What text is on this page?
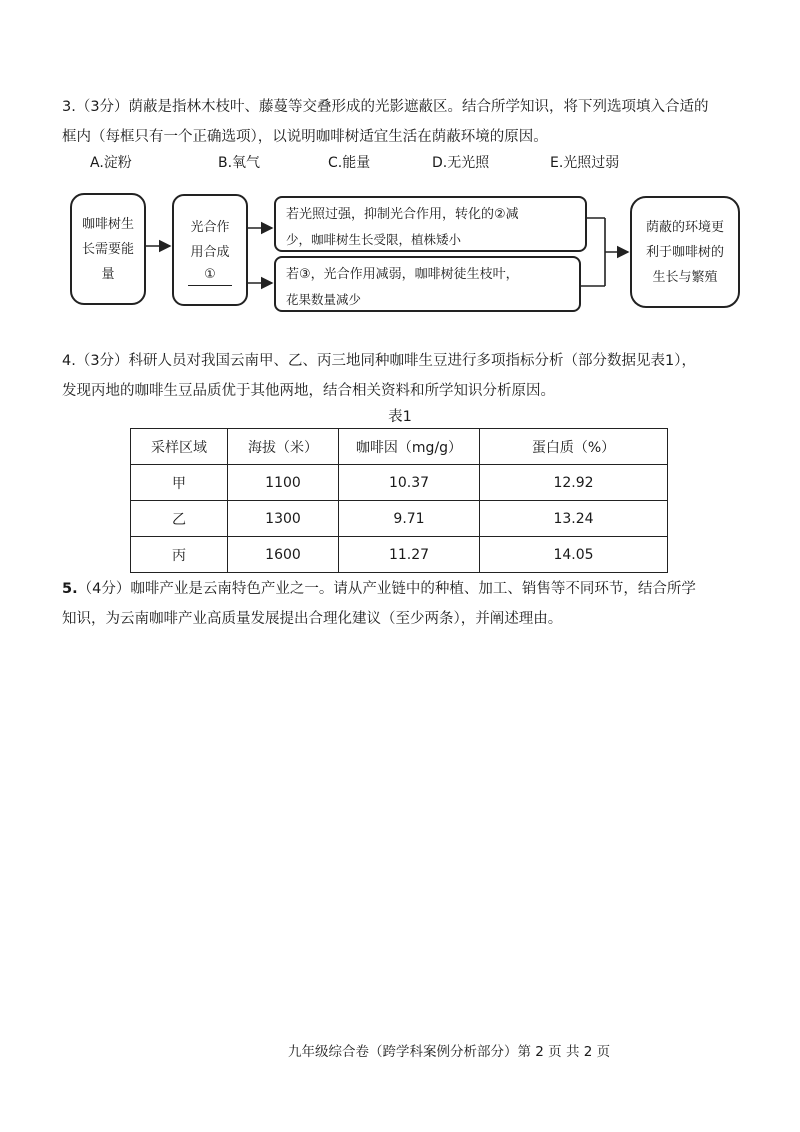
3.（3分）荫蔽是指林木枝叶、藤蔓等交叠形成的光影遮蔽区。结合所学知识，将下列选项填入合适的
框内（每框只有一个正确选项），以说明咖啡树适宜生活在荫蔽环境的原因。
A.淀粉	B.氧气	C.能量	D.无光照	E.光照过弱
咖啡树生长需要能量
光合作
用合成
①
若光照过强，抑制光合作用，转化的②减
少，咖啡树生长受限，植株矮小
若③，光合作用减弱，咖啡树徒生枝叶，
花果数量减少
荫蔽的环境更利于咖啡树的生长与繁殖
4.（3分）科研人员对我国云南甲、乙、丙三地同种咖啡生豆进行多项指标分析（部分数据见表1），
发现丙地的咖啡生豆品质优于其他两地，结合相关资料和所学知识分析原因。
表1
采样区域	海拔（米）	咖啡因（mg/g）	蛋白质（%）
甲	1100	10.37	12.92
乙	1300	9.71	13.24
丙	1600	11.27	14.05
5.（4分）咖啡产业是云南特色产业之一。请从产业链中的种植、加工、销售等不同环节，结合所学
知识，为云南咖啡产业高质量发展提出合理化建议（至少两条），并阐述理由。
九年级综合卷（跨学科案例分析部分）第 2 页 共 2 页
